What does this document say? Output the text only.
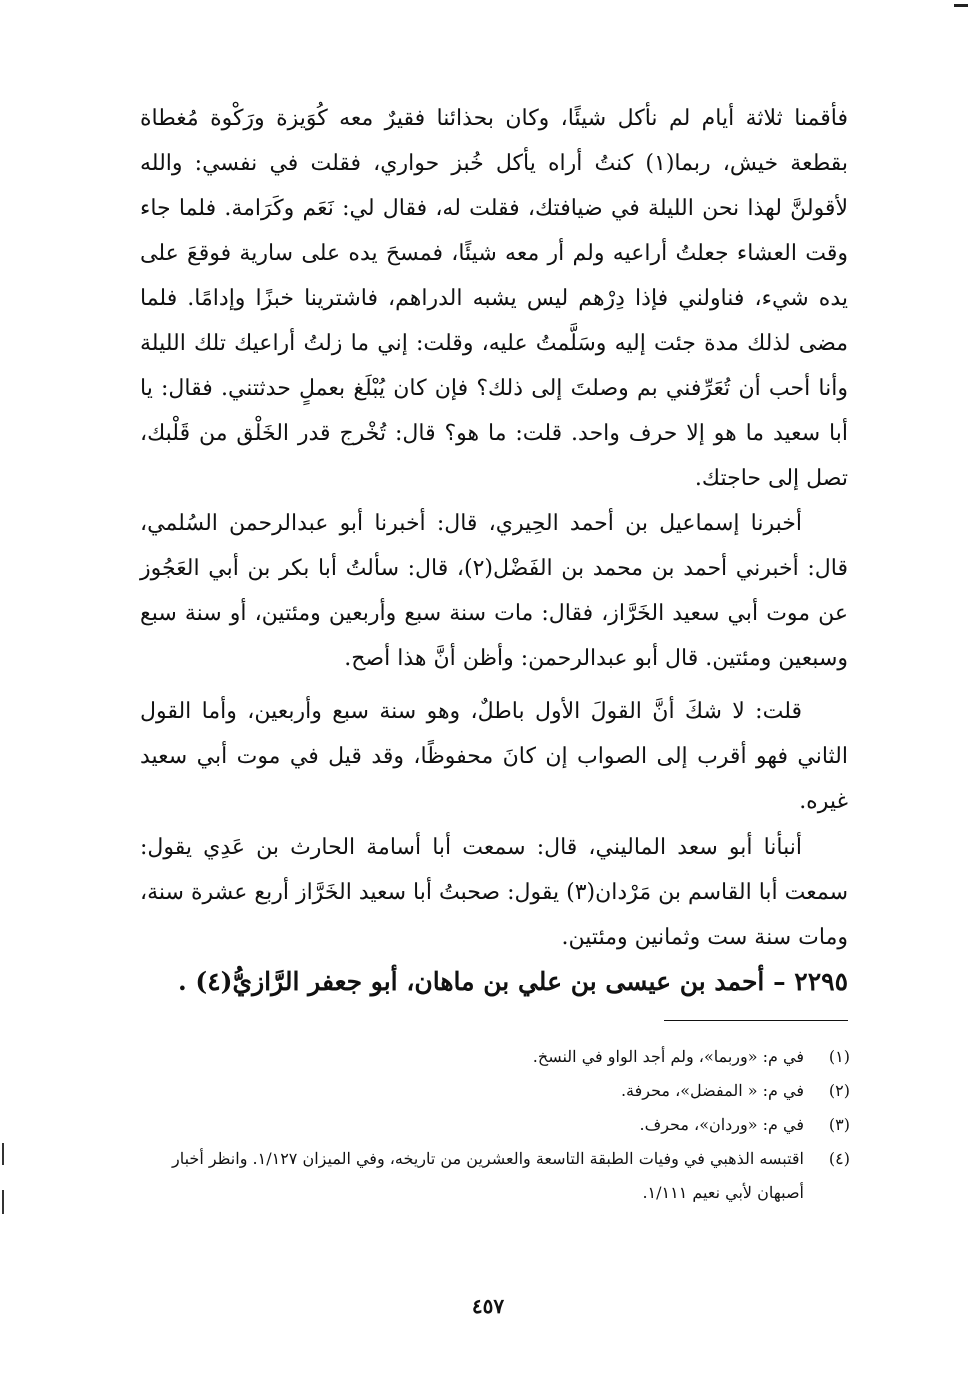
فأقمنا ثلاثة أيام لم نأكل شيئًا، وكان بحذائنا فقيرٌ معه كُوَيزة ورَكْوة مُغطاة بقطعة خيش، ربما(١) كنتُ أراه يأكل خُبز حواري، فقلت في نفسي: والله لأقولنَّ لهذا نحن الليلة في ضيافتك، فقلت له، فقال لي: نَعَم وكَرَامة. فلما جاء وقت العشاء جعلتُ أراعيه ولم أر معه شيئًا، فمسحَ يده على سارية فوقعَ على يده شيء، فناولني فإذا دِرْهم ليس يشبه الدراهم، فاشترينا خبزًا وإدامًا. فلما مضى لذلك مدة جئت إليه وسَلَّمتُ عليه، وقلت: إني ما زلتُ أراعيك تلك الليلة وأنا أحب أن تُعَرِّفني بم وصلتَ إلى ذلك؟ فإن كان يُبْلَغ بعملٍ حدثتني. فقال: يا أبا سعيد ما هو إلا حرف واحد. قلت: ما هو؟ قال: تُخْرج قدر الخَلْق من قَلْبك، تصل إلى حاجتك.

أخبرنا إسماعيل بن أحمد الحِيري، قال: أخبرنا أبو عبدالرحمن السُلمي، قال: أخبرني أحمد بن محمد بن الفَضْل(٢)، قال: سألتُ أبا بكر بن أبي العَجُوز عن موت أبي سعيد الخَرَّاز، فقال: مات سنة سبع وأربعين ومئتين، أو سنة سبع وسبعين ومئتين. قال أبو عبدالرحمن: وأظن أنَّ هذا أصح.

قلت: لا شكَ أنَّ القولَ الأول باطلٌ، وهو سنة سبع وأربعين، وأما القول الثاني فهو أقرب إلى الصواب إن كانَ محفوظًا، وقد قيل في موت أبي سعيد غيره.

أنبأنا أبو سعد الماليني، قال: سمعت أبا أسامة الحارث بن عَدِي يقول: سمعت أبا القاسم بن مَرْدان(٣) يقول: صحبتُ أبا سعيد الخَرَّاز أربع عشرة سنة، ومات سنة ست وثمانين ومئتين.

٢٢٩٥ – أحمد بن عيسى بن علي بن ماهان، أبو جعفر الرَّازيُّ(٤) .
(١)
في م: «وربما»، ولم أجد الواو في النسخ.
(٢)
في م: « المفضل»، محرفة.
(٣)
في م: «وردان»، محرف.
(٤)
اقتبسه الذهبي في وفيات الطبقة التاسعة والعشرين من تاريخه، وفي الميزان ١/١٢٧. وانظر أخبار أصبهان لأبي نعيم ١/١١١.
٤٥٧
